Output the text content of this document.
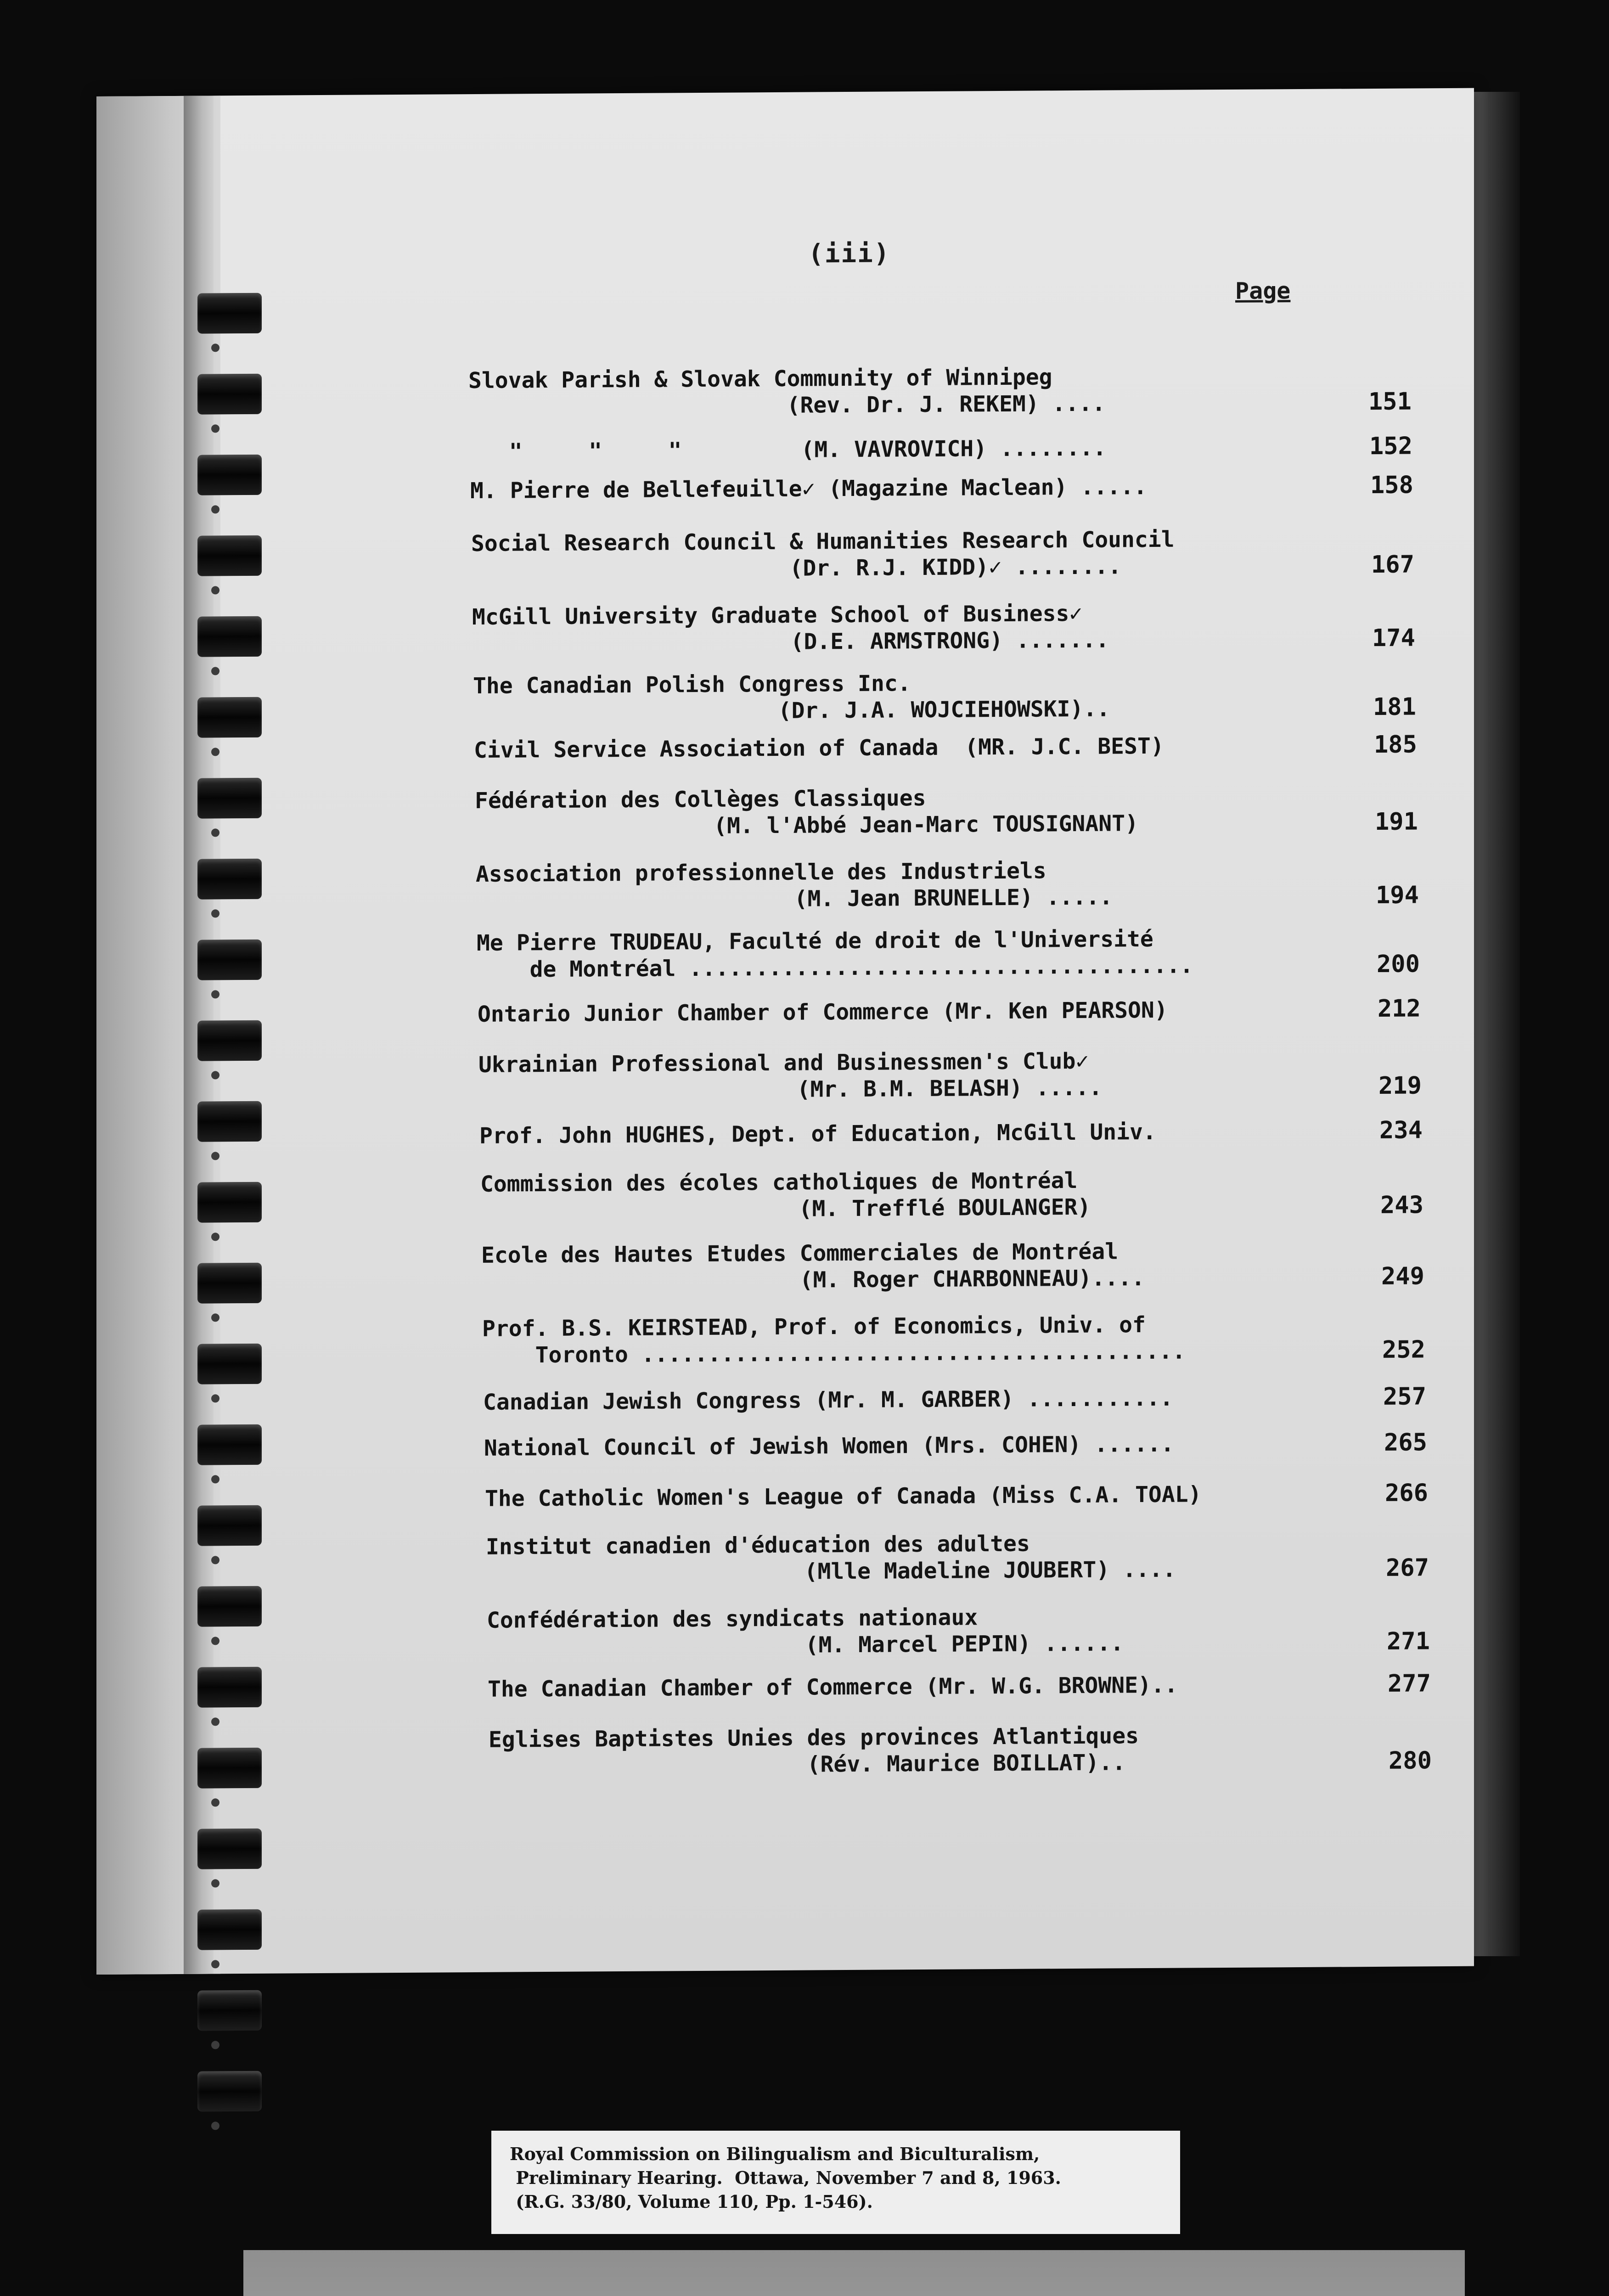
(iii)
Page
Slovak Parish & Slovak Community of Winnipeg
(Rev. Dr. J. REKEM) ....	151
"     "     "         (M. VAVROVICH) ........	152
M. Pierre de Bellefeuille✓ (Magazine Maclean) .....	158
Social Research Council & Humanities Research Council
(Dr. R.J. KIDD)✓ ........	167
McGill University Graduate School of Business✓
(D.E. ARMSTRONG) .......	174
The Canadian Polish Congress Inc.
(Dr. J.A. WOJCIEHOWSKI)..	181
Civil Service Association of Canada  (MR. J.C. BEST)	185
Fédération des Collèges Classiques
(M. l'Abbé Jean-Marc TOUSIGNANT)	191
Association professionnelle des Industriels
(M. Jean BRUNELLE) .....	194
Me Pierre TRUDEAU, Faculté de droit de l'Université
de Montréal ......................................	200
Ontario Junior Chamber of Commerce (Mr. Ken PEARSON)	212
Ukrainian Professional and Businessmen's Club✓
(Mr. B.M. BELASH) .....	219
Prof. John HUGHES, Dept. of Education, McGill Univ.	234
Commission des écoles catholiques de Montréal
(M. Trefflé BOULANGER)	243
Ecole des Hautes Etudes Commerciales de Montréal
(M. Roger CHARBONNEAU)....	249
Prof. B.S. KEIRSTEAD, Prof. of Economics, Univ. of
Toronto .........................................	252
Canadian Jewish Congress (Mr. M. GARBER) ...........	257
National Council of Jewish Women (Mrs. COHEN) ......	265
The Catholic Women's League of Canada (Miss C.A. TOAL)	266
Institut canadien d'éducation des adultes
(Mlle Madeline JOUBERT) ....	267
Confédération des syndicats nationaux
(M. Marcel PEPIN) ......	271
The Canadian Chamber of Commerce (Mr. W.G. BROWNE)..	277
Eglises Baptistes Unies des provinces Atlantiques
(Rév. Maurice BOILLAT)..	280
Royal Commission on Bilingualism and Biculturalism,
Preliminary Hearing.  Ottawa, November 7 and 8, 1963.
(R.G. 33/80, Volume 110, Pp. 1-546).
